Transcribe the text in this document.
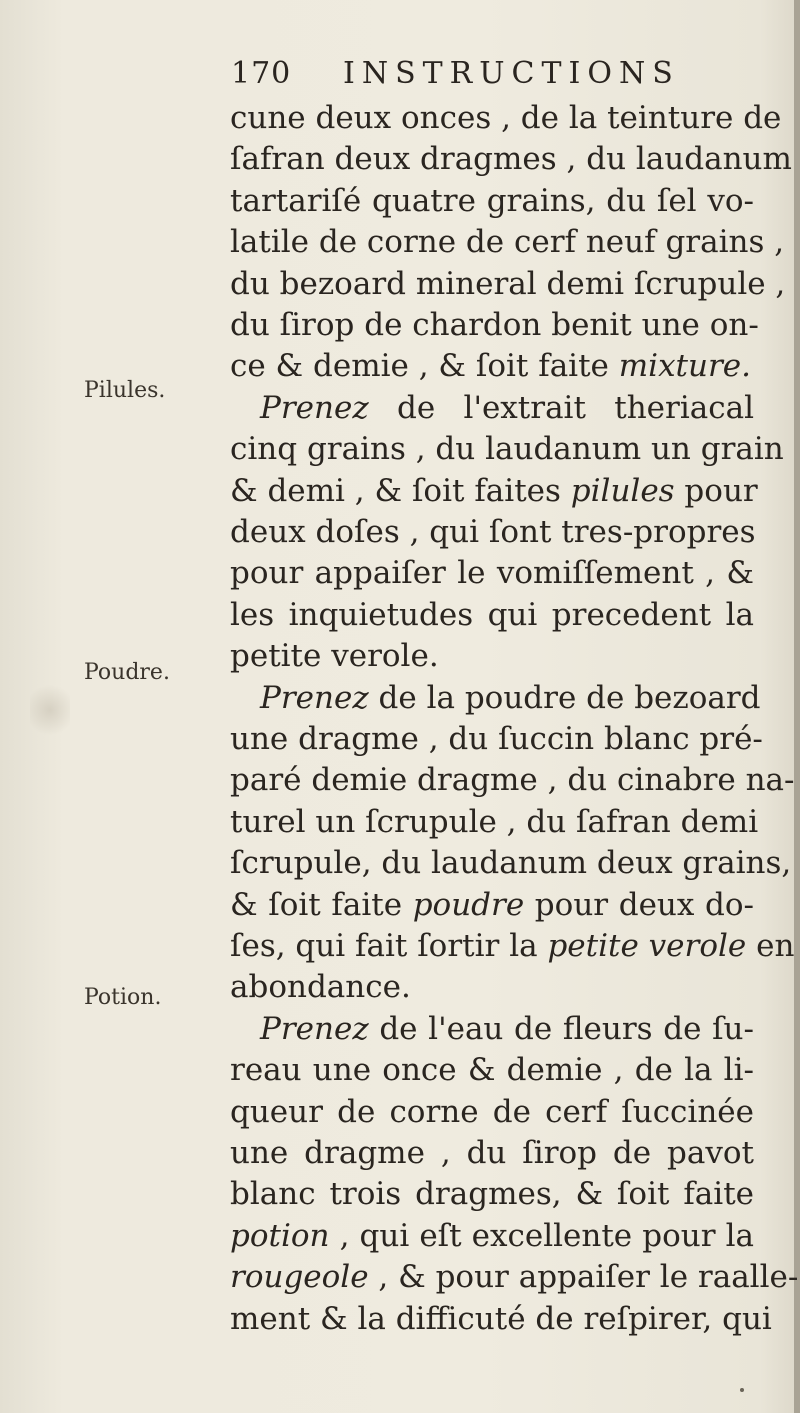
170 INSTRUCTIONS
Pilules.
Poudre.
Potion.
cune deux onces , de la teinture de
ſafran deux dragmes , du laudanum
tartariſé quatre grains, du ſel vo-
latile de corne de cerf neuf grains ,
du bezoard mineral demi ſcrupule ,
du ſirop de chardon benit une on-
ce & demie , & ſoit faite mixture.
Prenez de l'extrait theriacal
cinq grains , du laudanum un grain
& demi , & ſoit faites pilules pour
deux doſes , qui ſont tres-propres
pour appaiſer le vomiſſement , &
les inquietudes qui precedent la
petite verole.
Prenez de la poudre de bezoard
une dragme , du ſuccin blanc pré-
paré demie dragme , du cinabre na-
turel un ſcrupule , du ſafran demi
ſcrupule, du laudanum deux grains,
& ſoit faite poudre pour deux do-
ſes, qui fait ſortir la petite verole en
abondance.
Prenez de l'eau de fleurs de ſu-
reau une once & demie , de la li-
queur de corne de cerf ſuccinée
une dragme , du ſirop de pavot
blanc trois dragmes, & ſoit faite
potion , qui eſt excellente pour la
rougeole , & pour appaiſer le raalle-
ment & la difficuté de reſpirer, qui
